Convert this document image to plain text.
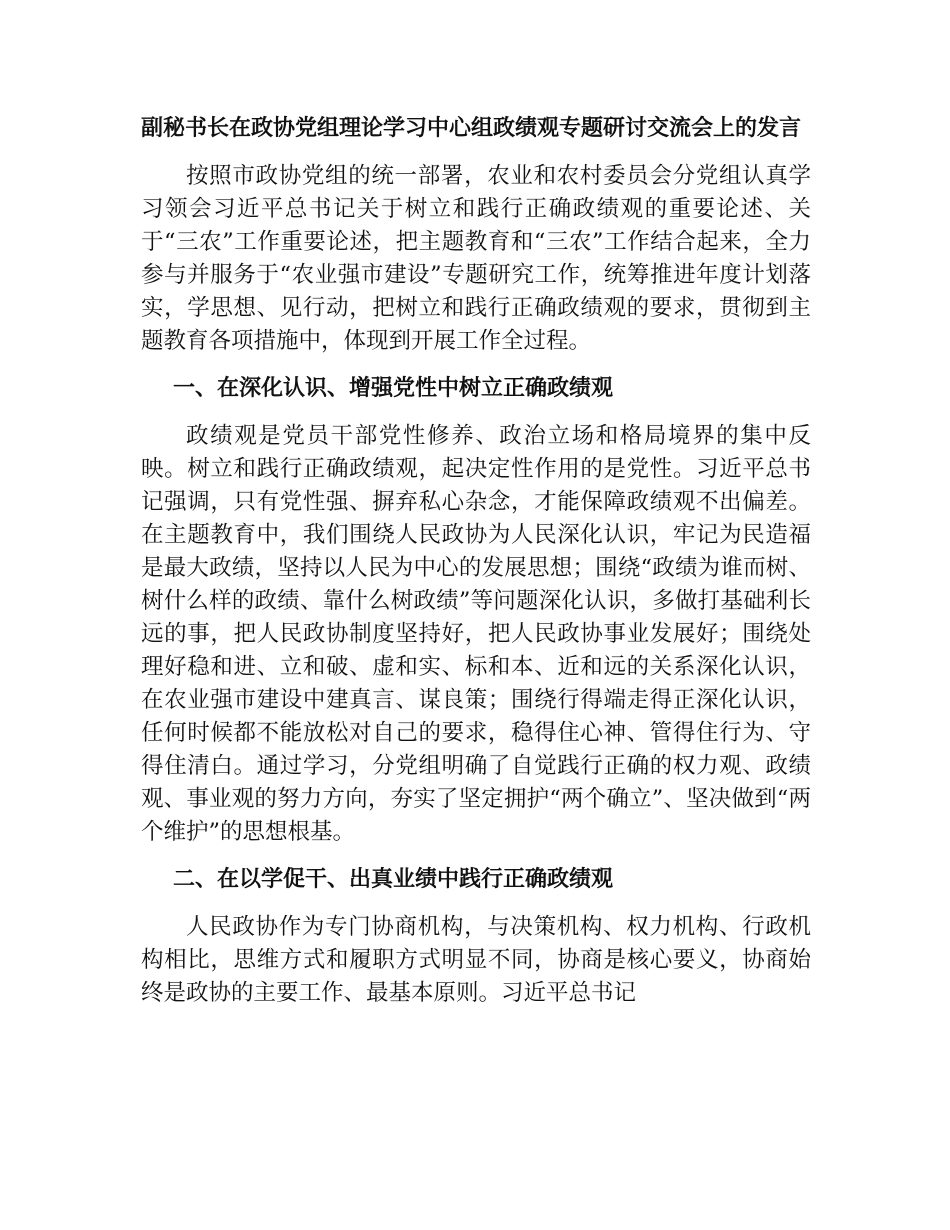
副秘书长在政协党组理论学习中心组政绩观专题研讨交流会上的发言

按照市政协党组的统一部署，农业和农村委员会分党组认真学习领会习近平总书记关于树立和践行正确政绩观的重要论述、关于“三农”工作重要论述，把主题教育和“三农”工作结合起来，全力参与并服务于“农业强市建设”专题研究工作，统筹推进年度计划落实，学思想、见行动，把树立和践行正确政绩观的要求，贯彻到主题教育各项措施中，体现到开展工作全过程。

一、在深化认识、增强党性中树立正确政绩观

政绩观是党员干部党性修养、政治立场和格局境界的集中反映。树立和践行正确政绩观，起决定性作用的是党性。习近平总书记强调，只有党性强、摒弃私心杂念，才能保障政绩观不出偏差。在主题教育中，我们围绕人民政协为人民深化认识，牢记为民造福是最大政绩，坚持以人民为中心的发展思想；围绕“政绩为谁而树、树什么样的政绩、靠什么树政绩”等问题深化认识，多做打基础利长远的事，把人民政协制度坚持好，把人民政协事业发展好；围绕处理好稳和进、立和破、虚和实、标和本、近和远的关系深化认识，在农业强市建设中建真言、谋良策；围绕行得端走得正深化认识，任何时候都不能放松对自己的要求，稳得住心神、管得住行为、守得住清白。通过学习，分党组明确了自觉践行正确的权力观、政绩观、事业观的努力方向，夯实了坚定拥护“两个确立”、坚决做到“两个维护”的思想根基。

二、在以学促干、出真业绩中践行正确政绩观

人民政协作为专门协商机构，与决策机构、权力机构、行政机构相比，思维方式和履职方式明显不同，协商是核心要义，协商始终是政协的主要工作、最基本原则。习近平总书记
